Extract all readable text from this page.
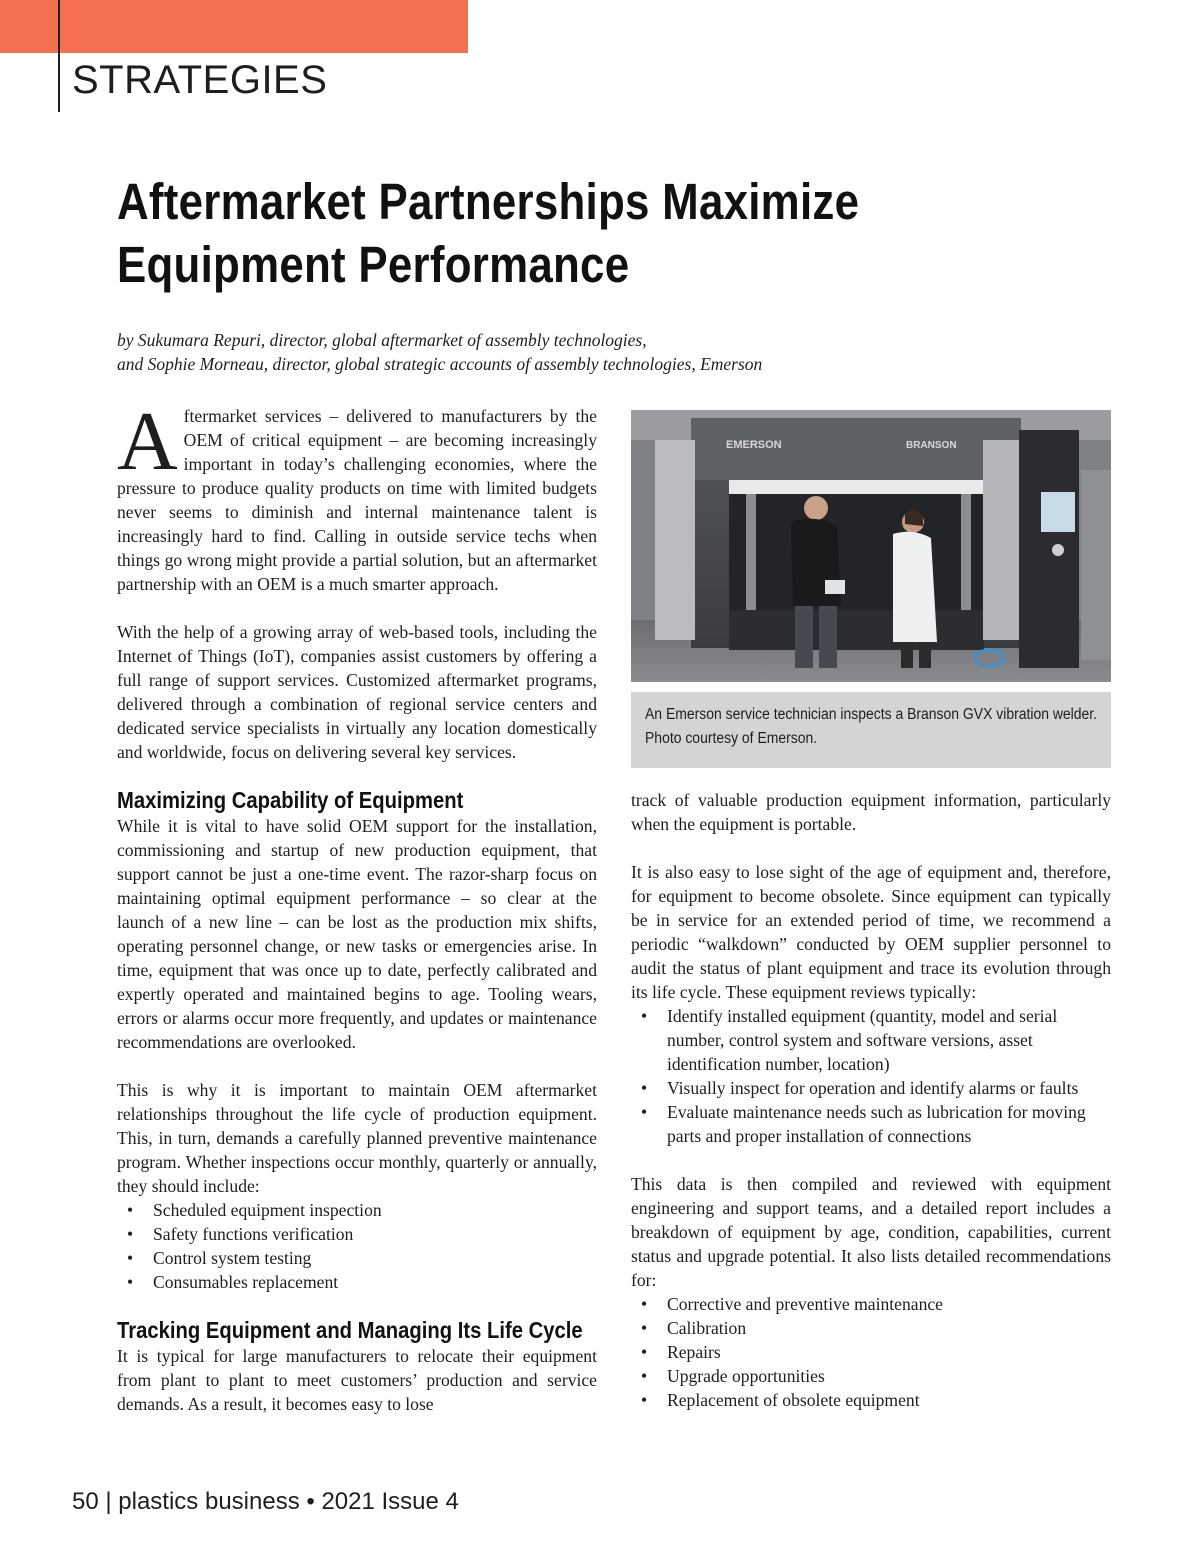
STRATEGIES
Aftermarket Partnerships Maximize
Equipment Performance
by Sukumara Repuri, director, global aftermarket of assembly technologies,
and Sophie Morneau, director, global strategic accounts of assembly technologies, Emerson

Aftermarket services – delivered to manufacturers by the OEM of critical equipment – are becoming increasingly important in today’s challenging economies, where the pressure to produce quality products on time with limited budgets never seems to diminish and internal maintenance talent is increasingly hard to find. Calling in outside service techs when things go wrong might provide a partial solution, but an aftermarket partnership with an OEM is a much smarter approach.

With the help of a growing array of web-based tools, including the Internet of Things (IoT), companies assist customers by offering a full range of support services. Customized aftermarket programs, delivered through a combination of regional service centers and dedicated service specialists in virtually any location domestically and worldwide, focus on delivering several key services.

Maximizing Capability of Equipment

While it is vital to have solid OEM support for the installation, commissioning and startup of new production equipment, that support cannot be just a one-time event. The razor-sharp focus on maintaining optimal equipment performance – so clear at the launch of a new line – can be lost as the production mix shifts, operating personnel change, or new tasks or emergencies arise. In time, equipment that was once up to date, perfectly calibrated and expertly operated and maintained begins to age. Tooling wears, errors or alarms occur more frequently, and updates or maintenance recommendations are overlooked.

This is why it is important to maintain OEM aftermarket relationships throughout the life cycle of production equipment. This, in turn, demands a carefully planned preventive maintenance program. Whether inspections occur monthly, quarterly or annually, they should include:

• Scheduled equipment inspection
• Safety functions verification
• Control system testing
• Consumables replacement
Tracking Equipment and Managing Its Life Cycle

It is typical for large manufacturers to relocate their equipment from plant to plant to meet customers’ production and service demands. As a result, it becomes easy to lose

EMERSON	BRANSON
An Emerson service technician inspects a Branson GVX vibration welder.
Photo courtesy of Emerson.

track of valuable production equipment information, particularly when the equipment is portable.

It is also easy to lose sight of the age of equipment and, therefore, for equipment to become obsolete. Since equipment can typically be in service for an extended period of time, we recommend a periodic “walkdown” conducted by OEM supplier personnel to audit the status of plant equipment and trace its evolution through its life cycle. These equipment reviews typically:

• Identify installed equipment (quantity, model and serial number, control system and software versions, asset identification number, location)
• Visually inspect for operation and identify alarms or faults
• Evaluate maintenance needs such as lubrication for moving parts and proper installation of connections

This data is then compiled and reviewed with equipment engineering and support teams, and a detailed report includes a breakdown of equipment by age, condition, capabilities, current status and upgrade potential. It also lists detailed recommendations for:

• Corrective and preventive maintenance
• Calibration
• Repairs
• Upgrade opportunities
• Replacement of obsolete equipment
50 | plastics business • 2021 Issue 4
